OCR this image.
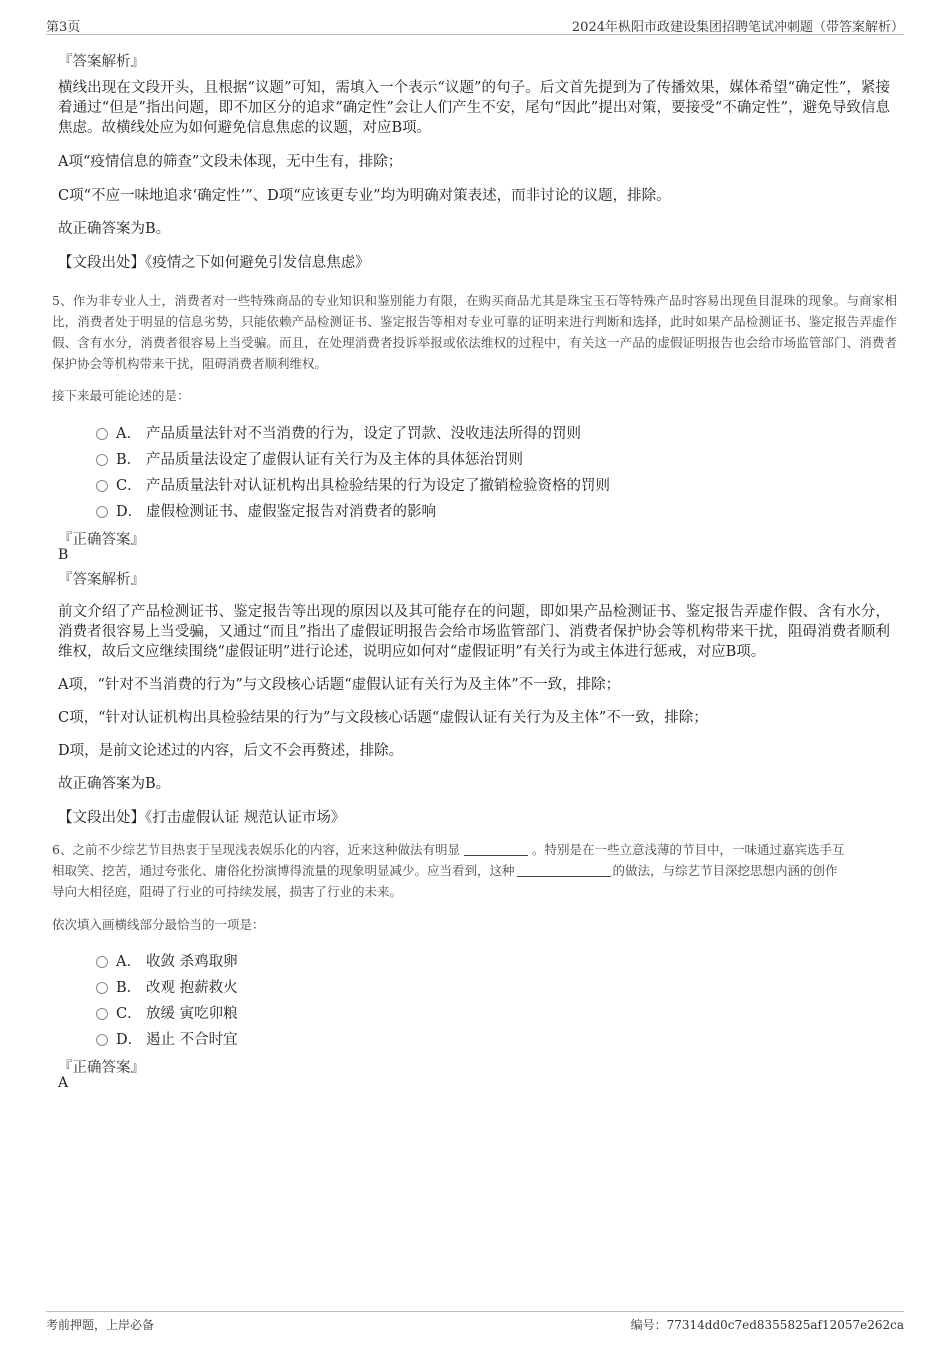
第3页	2024年枞阳市政建设集团招聘笔试冲刺题（带答案解析）
『答案解析』
横线出现在文段开头，且根据“议题”可知，需填入一个表示“议题”的句子。后文首先提到为了传播效果，媒体希望“确定性”，紧接着通过“但是”指出问题，即不加区分的追求“确定性”会让人们产生不安，尾句“因此”提出对策，要接受“不确定性”，避免导致信息焦虑。故横线处应为如何避免信息焦虑的议题，对应B项。
A项“疫情信息的筛查”文段未体现，无中生有，排除；
C项“不应一味地追求‘确定性’”、D项“应该更专业”均为明确对策表述，而非讨论的议题，排除。
故正确答案为B。
【文段出处】《疫情之下如何避免引发信息焦虑》
5、作为非专业人士，消费者对一些特殊商品的专业知识和鉴别能力有限，在购买商品尤其是珠宝玉石等特殊产品时容易出现鱼目混珠的现象。与商家相比，消费者处于明显的信息劣势，只能依赖产品检测证书、鉴定报告等相对专业可靠的证明来进行判断和选择，此时如果产品检测证书、鉴定报告弄虚作假、含有水分，消费者很容易上当受骗。而且，在处理消费者投诉举报或依法维权的过程中，有关这一产品的虚假证明报告也会给市场监管部门、消费者保护协会等机构带来干扰，阻碍消费者顺利维权。
接下来最可能论述的是：
A． 产品质量法针对不当消费的行为，设定了罚款、没收违法所得的罚则
B． 产品质量法设定了虚假认证有关行为及主体的具体惩治罚则
C． 产品质量法针对认证机构出具检验结果的行为设定了撤销检验资格的罚则
D． 虚假检测证书、虚假鉴定报告对消费者的影响
『正确答案』
B
『答案解析』
前文介绍了产品检测证书、鉴定报告等出现的原因以及其可能存在的问题，即如果产品检测证书、鉴定报告弄虚作假、含有水分，消费者很容易上当受骗，又通过“而且”指出了虚假证明报告会给市场监管部门、消费者保护协会等机构带来干扰，阻碍消费者顺利维权，故后文应继续围绕“虚假证明”进行论述，说明应如何对“虚假证明”有关行为或主体进行惩戒，对应B项。
A项，“针对不当消费的行为”与文段核心话题“虚假认证有关行为及主体”不一致，排除；
C项，“针对认证机构出具检验结果的行为”与文段核心话题“虚假认证有关行为及主体”不一致，排除；
D项，是前文论述过的内容，后文不会再赘述，排除。
故正确答案为B。
【文段出处】《打击虚假认证 规范认证市场》
6、之前不少综艺节目热衷于呈现浅表娱乐化的内容，近来这种做法有明显	。特别是在一些立意浅薄的节目中，一味通过嘉宾选手互
相取笑、挖苦，通过夸张化、庸俗化扮演博得流量的现象明显减少。应当看到，这种	的做法，与综艺节目深挖思想内涵的创作
导向大相径庭，阻碍了行业的可持续发展，损害了行业的未来。
依次填入画横线部分最恰当的一项是：
A． 收敛 杀鸡取卵
B． 改观 抱薪救火
C． 放缓 寅吃卯粮
D． 遏止 不合时宜
『正确答案』
A
考前押题，上岸必备	编号：77314dd0c7ed8355825af12057e262ca
